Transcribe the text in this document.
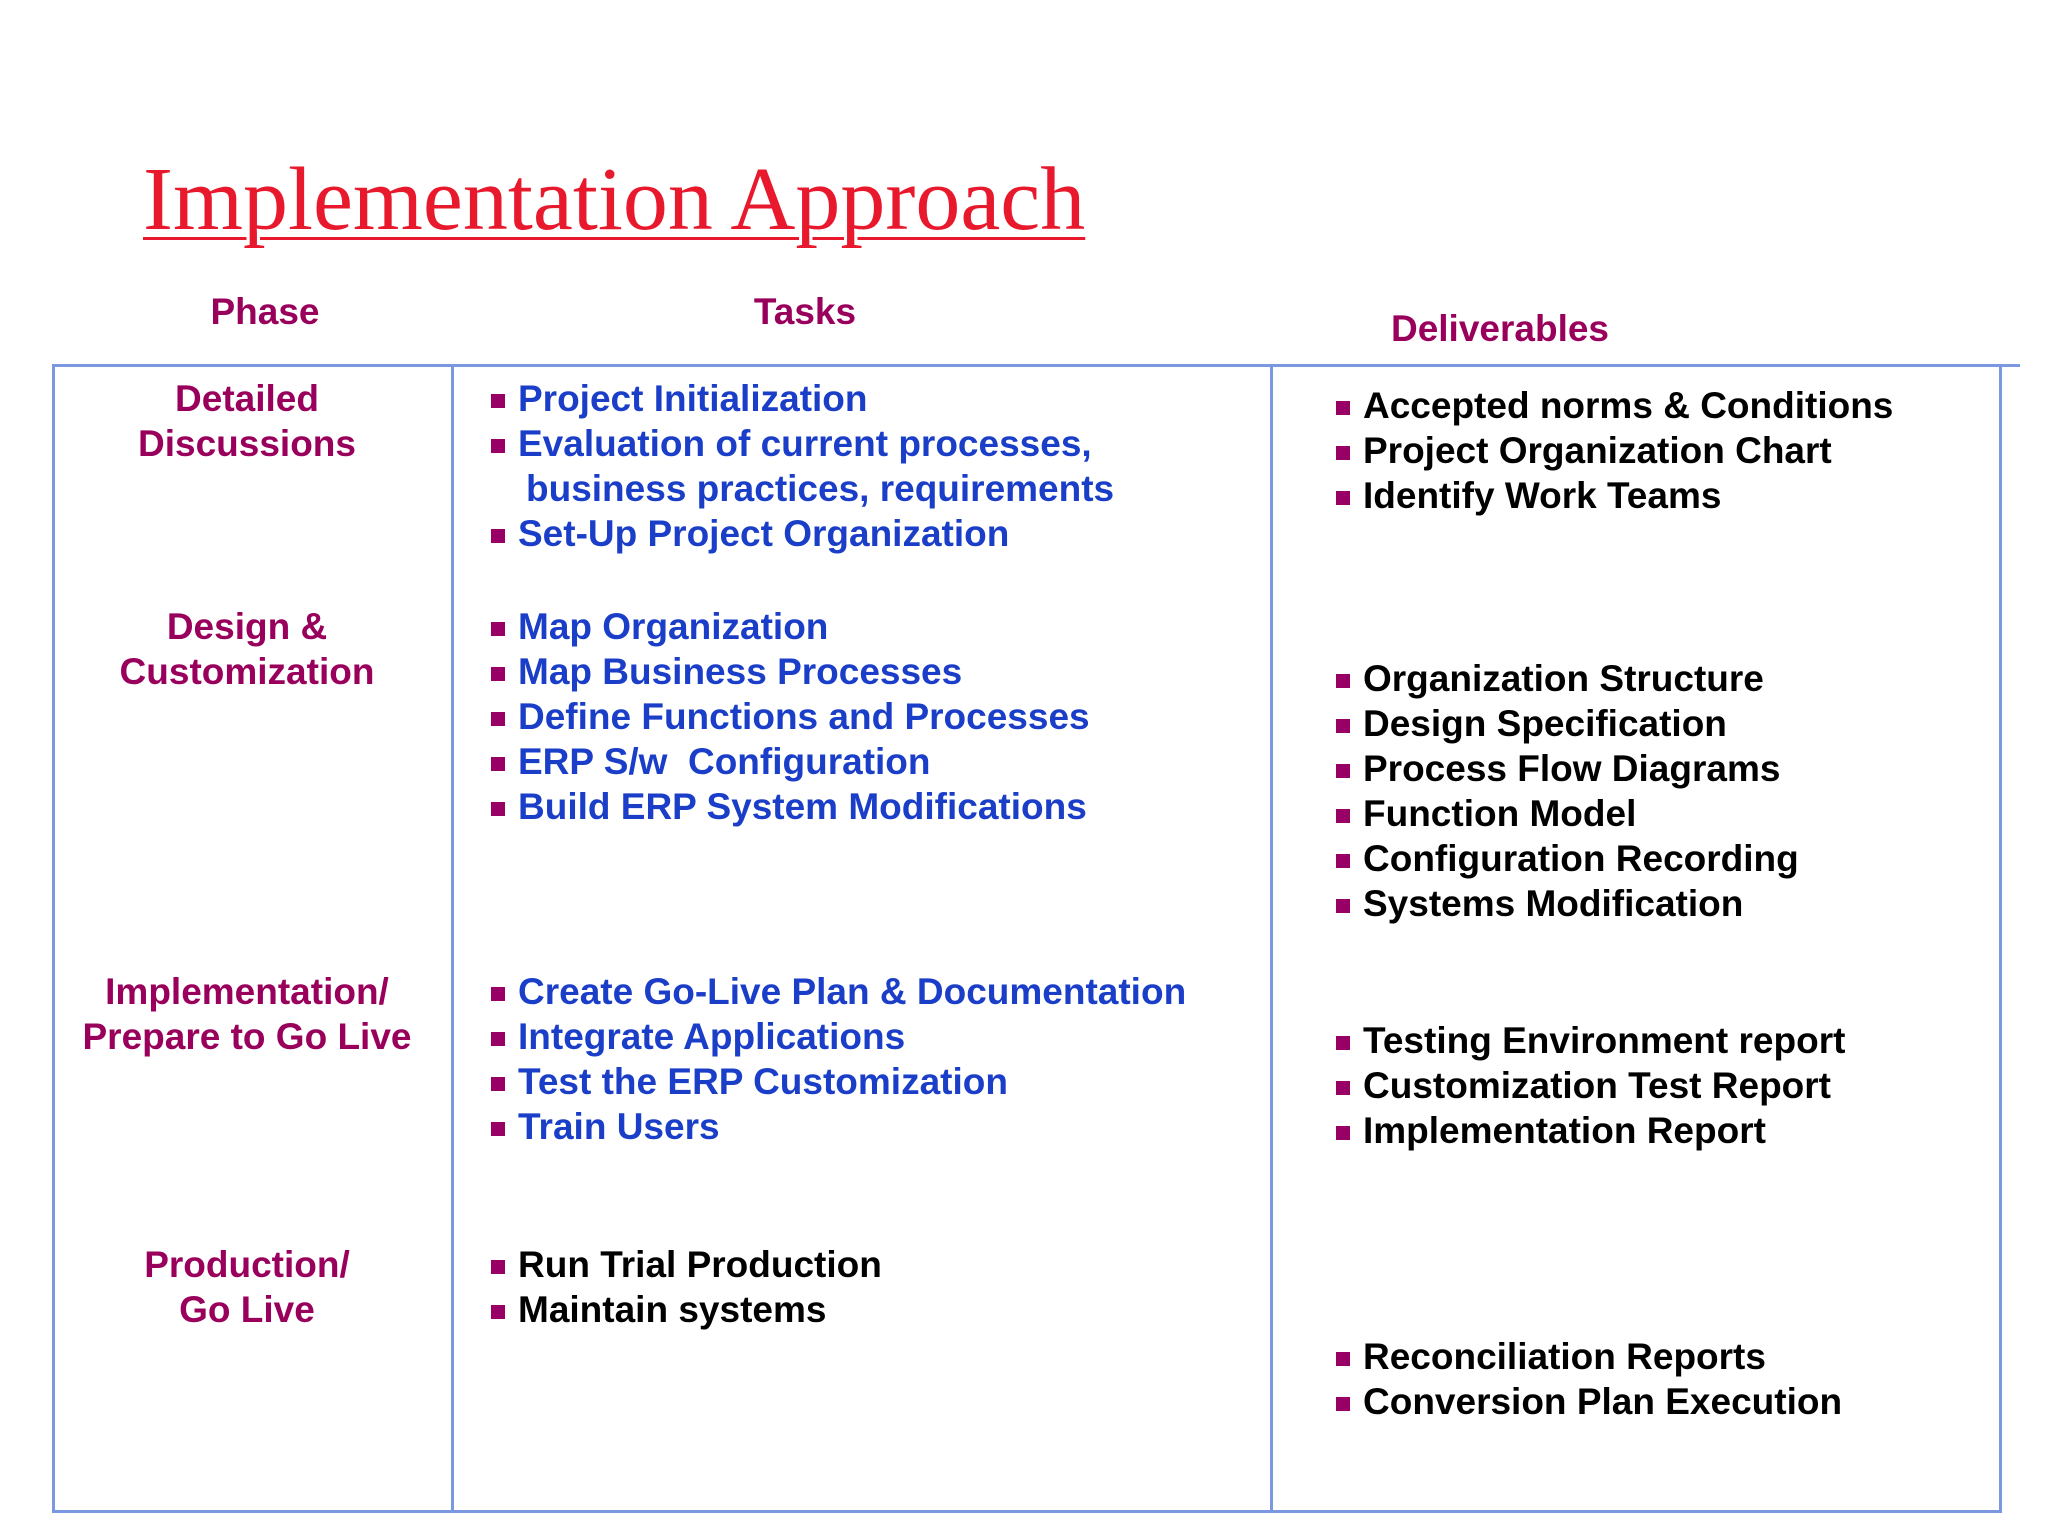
Implementation Approach
Phase	Tasks	Deliverables
Detailed
Discussions
Design &
Customization
Implementation/
Prepare to Go Live
Production/
Go Live
Project Initialization
Evaluation of current processes,
business practices, requirements
Set-Up Project Organization
Map Organization
Map Business Processes
Define Functions and Processes
ERP S/w  Configuration
Build ERP System Modifications
Create Go-Live Plan & Documentation
Integrate Applications
Test the ERP Customization
Train Users
Run Trial Production
Maintain systems
Accepted norms & Conditions
Project Organization Chart
Identify Work Teams
Organization Structure
Design Specification
Process Flow Diagrams
Function Model
Configuration Recording
Systems Modification
Testing Environment report
Customization Test Report
Implementation Report
Reconciliation Reports
Conversion Plan Execution
